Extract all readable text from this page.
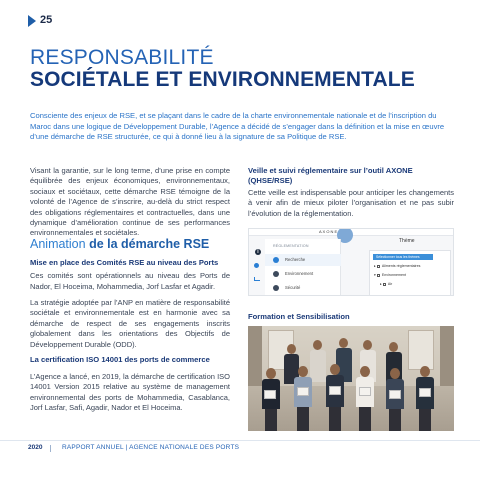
25
RESPONSABILITÉ
SOCIÉTALE ET ENVIRONNEMENTALE
Consciente des enjeux de RSE, et se plaçant dans le cadre de la charte environnementale nationale et de l’inscription du Maroc dans une logique de Développement Durable, l’Agence a décidé de s’engager dans la définition et la mise en œuvre d’une démarche de RSE structurée, ce qui à donné lieu à la signature de sa Politique de RSE.
Visant la garantie, sur le long terme, d’une prise en compte équilibrée des enjeux économiques, environnementaux, sociaux et sociétaux, cette démarche RSE témoigne de la volonté de l’Agence de s’inscrire, au-delà du strict respect des obligations réglementaires et contractuelles, dans une dynamique d’amélioration continue de ses performances environnementales et sociétales.
Animation de la démarche RSE
Mise en place des Comités RSE au niveau des Ports
Ces comités sont opérationnels au niveau des Ports de Nador, El Hoceima, Mohammedia, Jorf Lasfar et Agadir.
La stratégie adoptée par l’ANP en matière de responsabilité sociétale et environnementale est en harmonie avec sa démarche de respect de ses engagements inscrits globalement dans les orientations des Objectifs de Développement Durable (ODD).
La certification ISO 14001 des ports de commerce
L’Agence a lancé, en 2019, la démarche de certification ISO 14001 Version 2015 relative au système de management environnemental des ports de Mohammedia, Casablanca, Jorf Lasfar, Safi, Agadir, Nador et El Hoceima.
Veille et suivi réglementaire sur l’outil AXONE (QHSE/RSE)
Cette veille est indispensable pour anticiper les changements à venir afin de mieux piloter l’organisation et ne pas subir l’évolution de la réglementation.
A X O N E
i
Recherche
Environnement
Sécurité
RÉGLEMENTATION
Thème
Sélectionner tous les thèmes
▸ Aliments réglementaires
▾ Environnement
▸ Air
Formation et Sensibilisation
2020	RAPPORT ANNUEL | AGENCE NATIONALE DES PORTS
